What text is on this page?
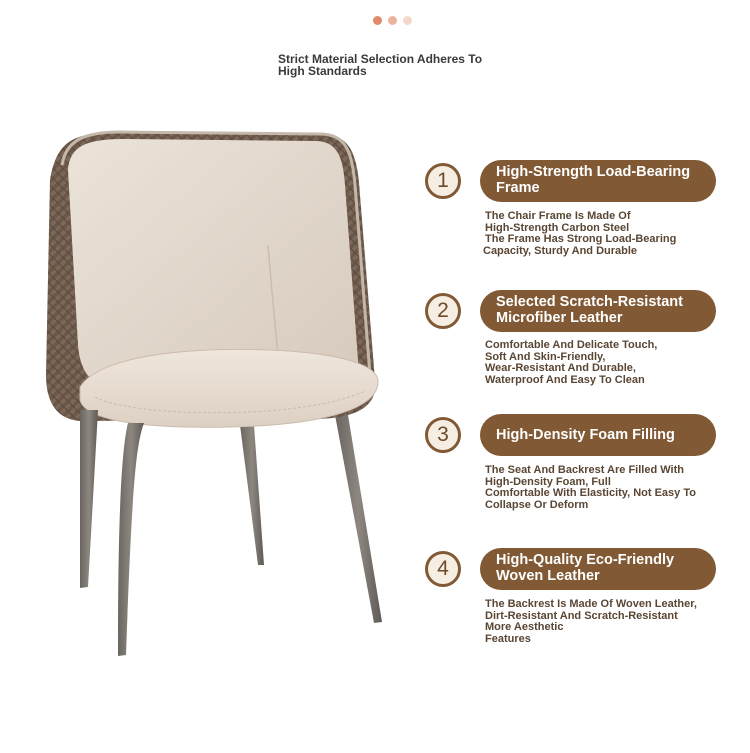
Strict Material Selection Adheres To
High Standards
1	High-Strength Load-Bearing
Frame
The Chair Frame Is Made Of
High-Strength Carbon Steel
The Frame Has Strong Load-Bearing
Capacity, Sturdy And Durable
2	Selected Scratch-Resistant
Microfiber Leather
Comfortable And Delicate Touch,
Soft And Skin-Friendly,
Wear-Resistant And Durable,
Waterproof And Easy To Clean
3	High-Density Foam Filling
The Seat And Backrest Are Filled With
High-Density Foam, Full
Comfortable With Elasticity, Not Easy To
Collapse Or Deform
4	High-Quality Eco-Friendly
Woven Leather
The Backrest Is Made Of Woven Leather,
Dirt-Resistant And Scratch-Resistant
More Aesthetic
Features
